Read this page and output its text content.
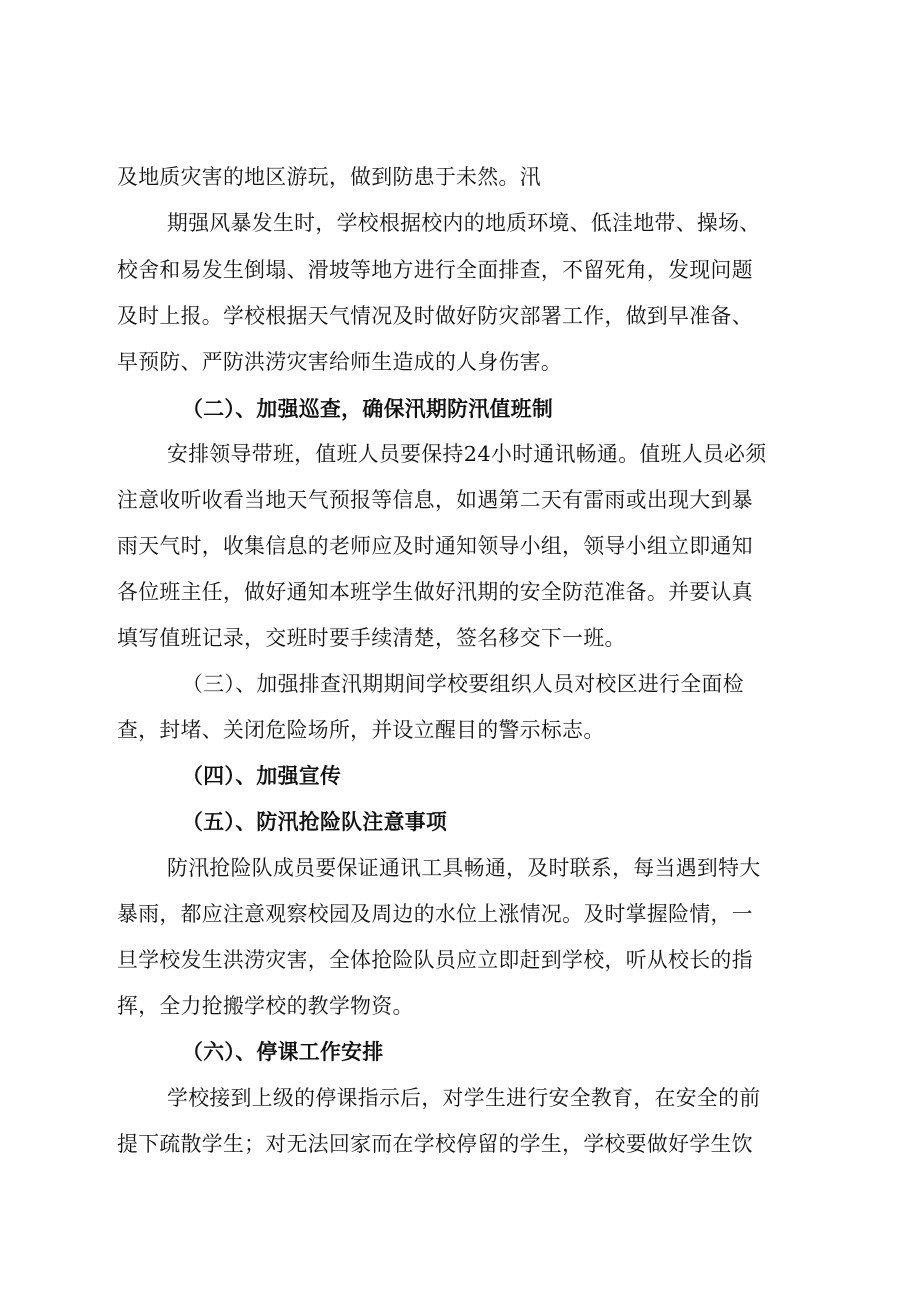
及地质灾害的地区游玩，做到防患于未然。汛
期强风暴发生时，学校根据校内的地质环境、低洼地带、操场、
校舍和易发生倒塌、滑坡等地方进行全面排查，不留死角，发现问题
及时上报。学校根据天气情况及时做好防灾部署工作，做到早准备、
早预防、严防洪涝灾害给师生造成的人身伤害。
（二）、加强巡查，确保汛期防汛值班制
安排领导带班，值班人员要保持24小时通讯畅通。值班人员必须
注意收听收看当地天气预报等信息，如遇第二天有雷雨或出现大到暴
雨天气时，收集信息的老师应及时通知领导小组，领导小组立即通知
各位班主任，做好通知本班学生做好汛期的安全防范准备。并要认真
填写值班记录，交班时要手续清楚，签名移交下一班。
（三）、加强排查汛期期间学校要组织人员对校区进行全面检
查，封堵、关闭危险场所，并设立醒目的警示标志。
（四）、加强宣传
（五）、防汛抢险队注意事项
防汛抢险队成员要保证通讯工具畅通，及时联系，每当遇到特大
暴雨，都应注意观察校园及周边的水位上涨情况。及时掌握险情，一
旦学校发生洪涝灾害，全体抢险队员应立即赶到学校，听从校长的指
挥，全力抢搬学校的教学物资。
（六）、停课工作安排
学校接到上级的停课指示后，对学生进行安全教育，在安全的前
提下疏散学生；对无法回家而在学校停留的学生，学校要做好学生饮
